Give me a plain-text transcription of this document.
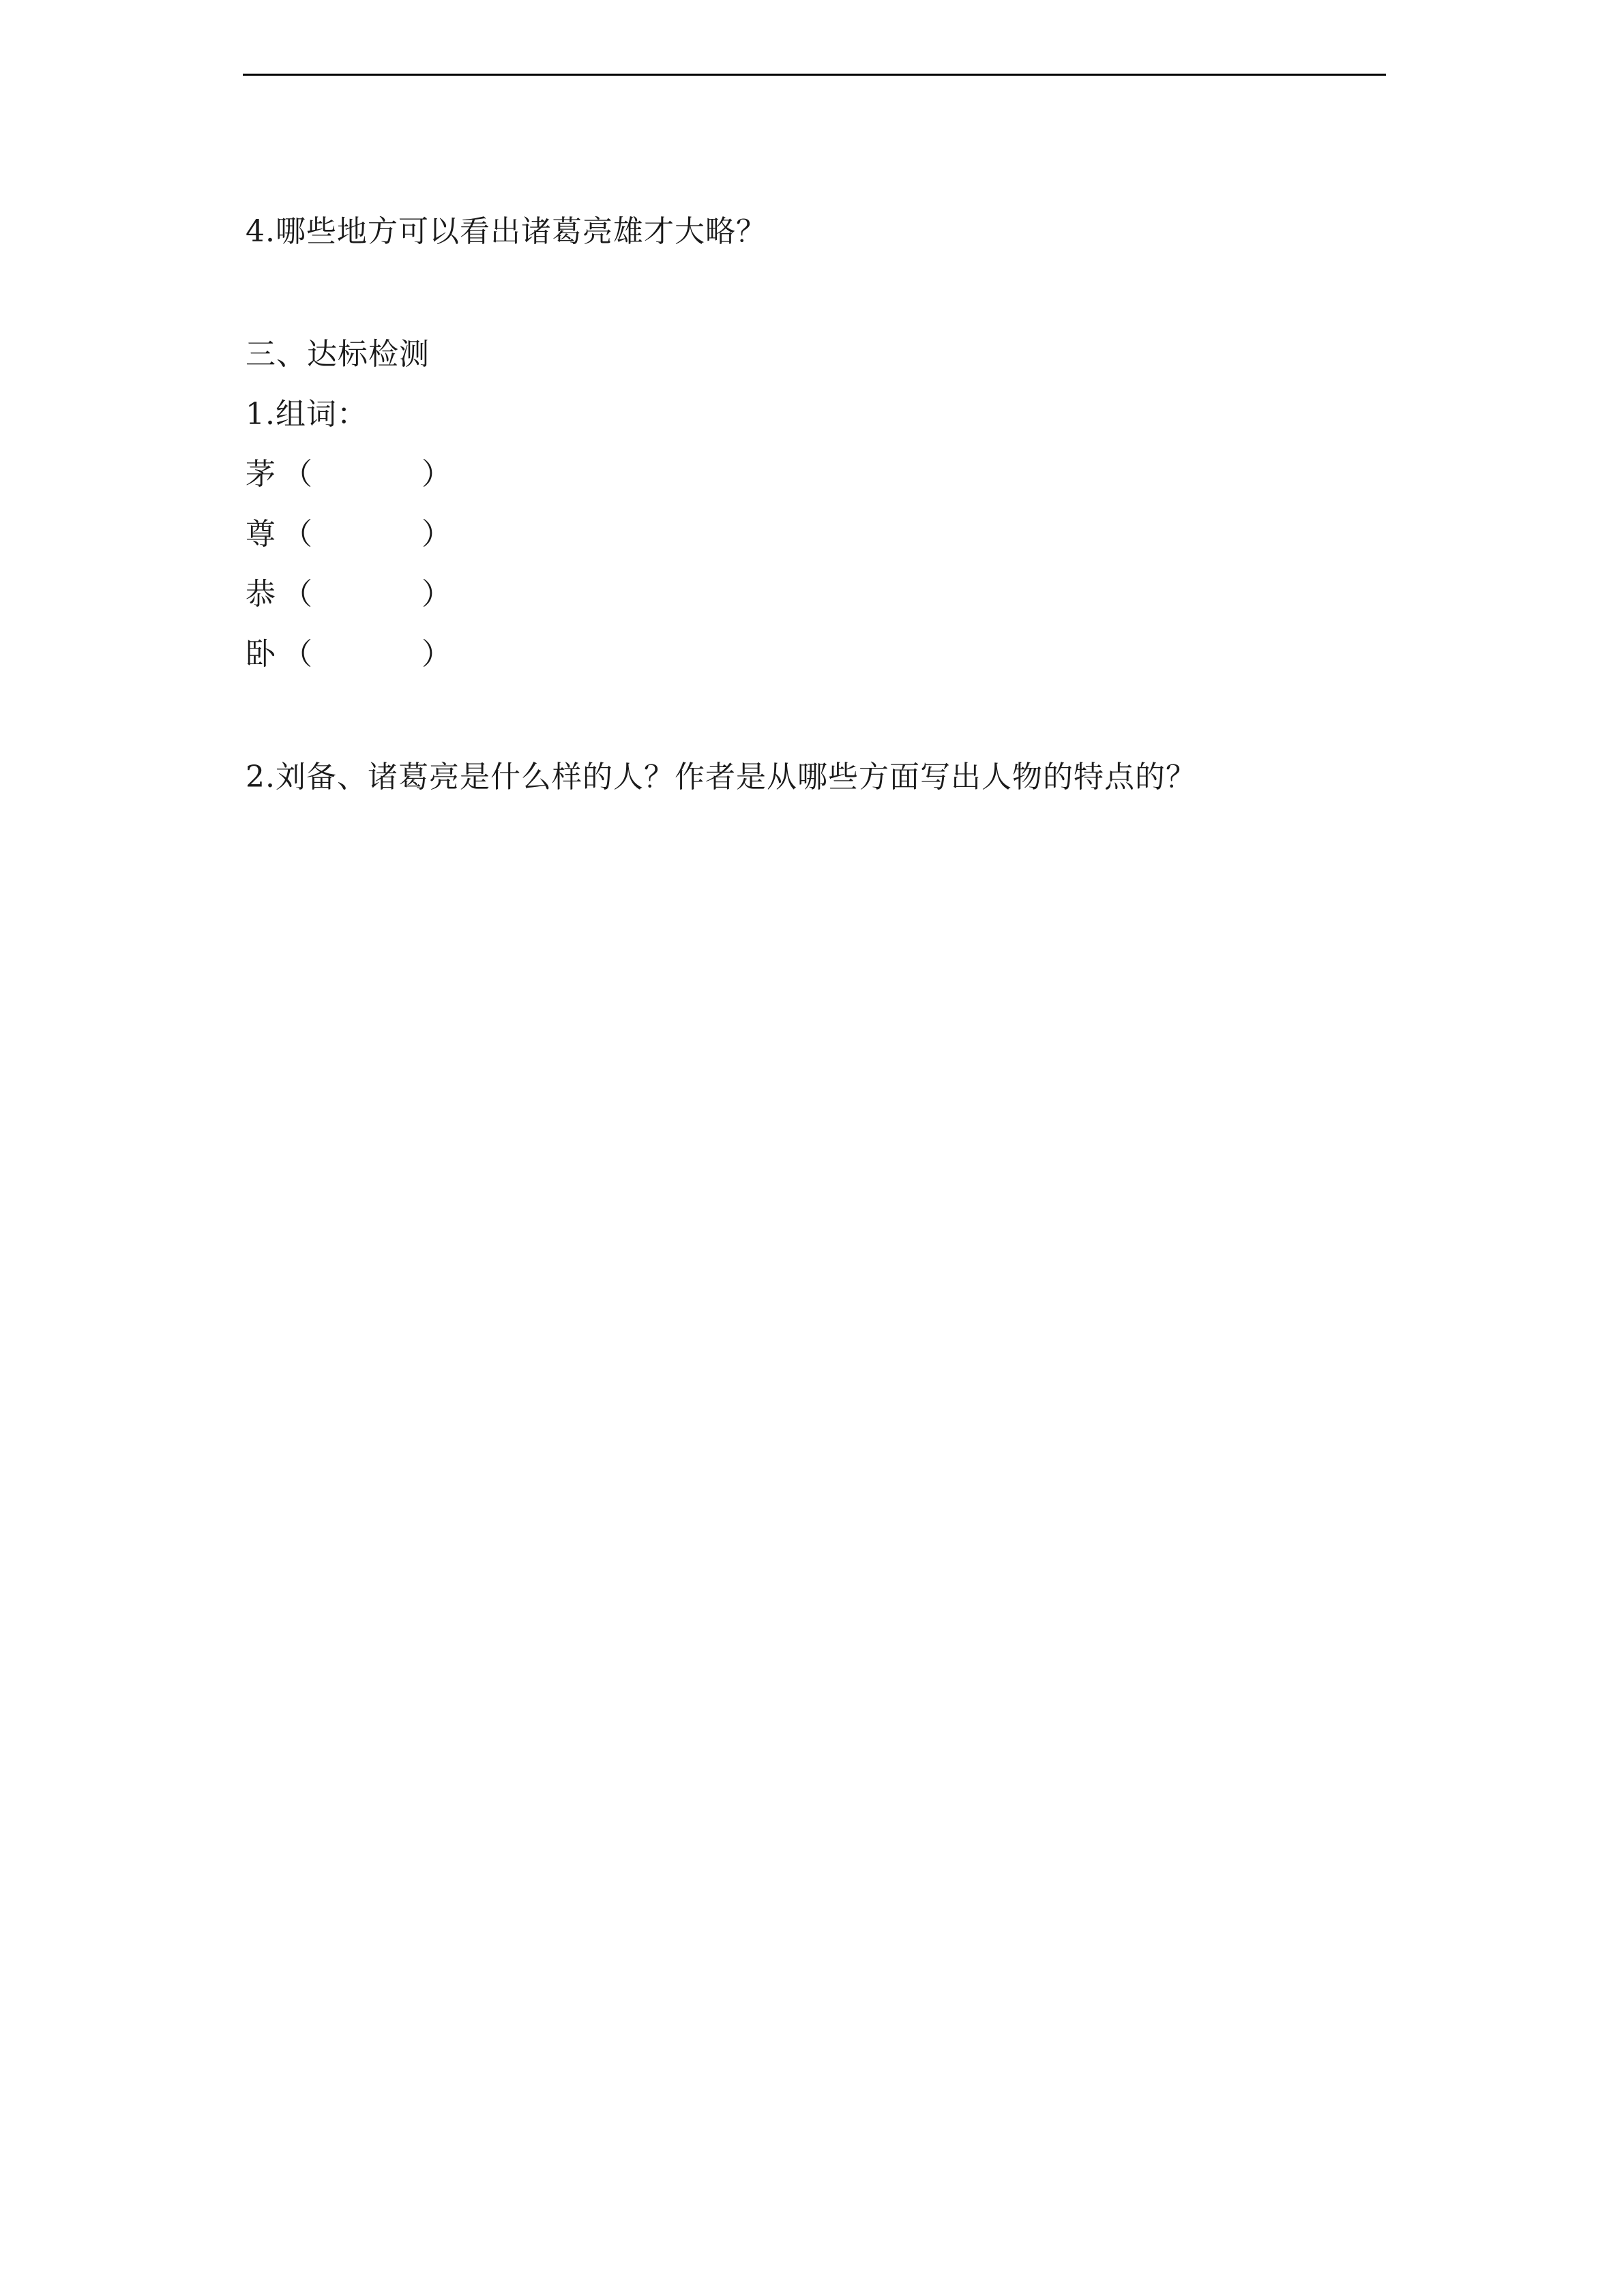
4.哪些地方可以看出诸葛亮雄才大略？
三、达标检测
1.组词：
茅 （	）
尊 （	）
恭 （	）
卧 （	）
2.刘备、诸葛亮是什么样的人？作者是从哪些方面写出人物的特点的？
